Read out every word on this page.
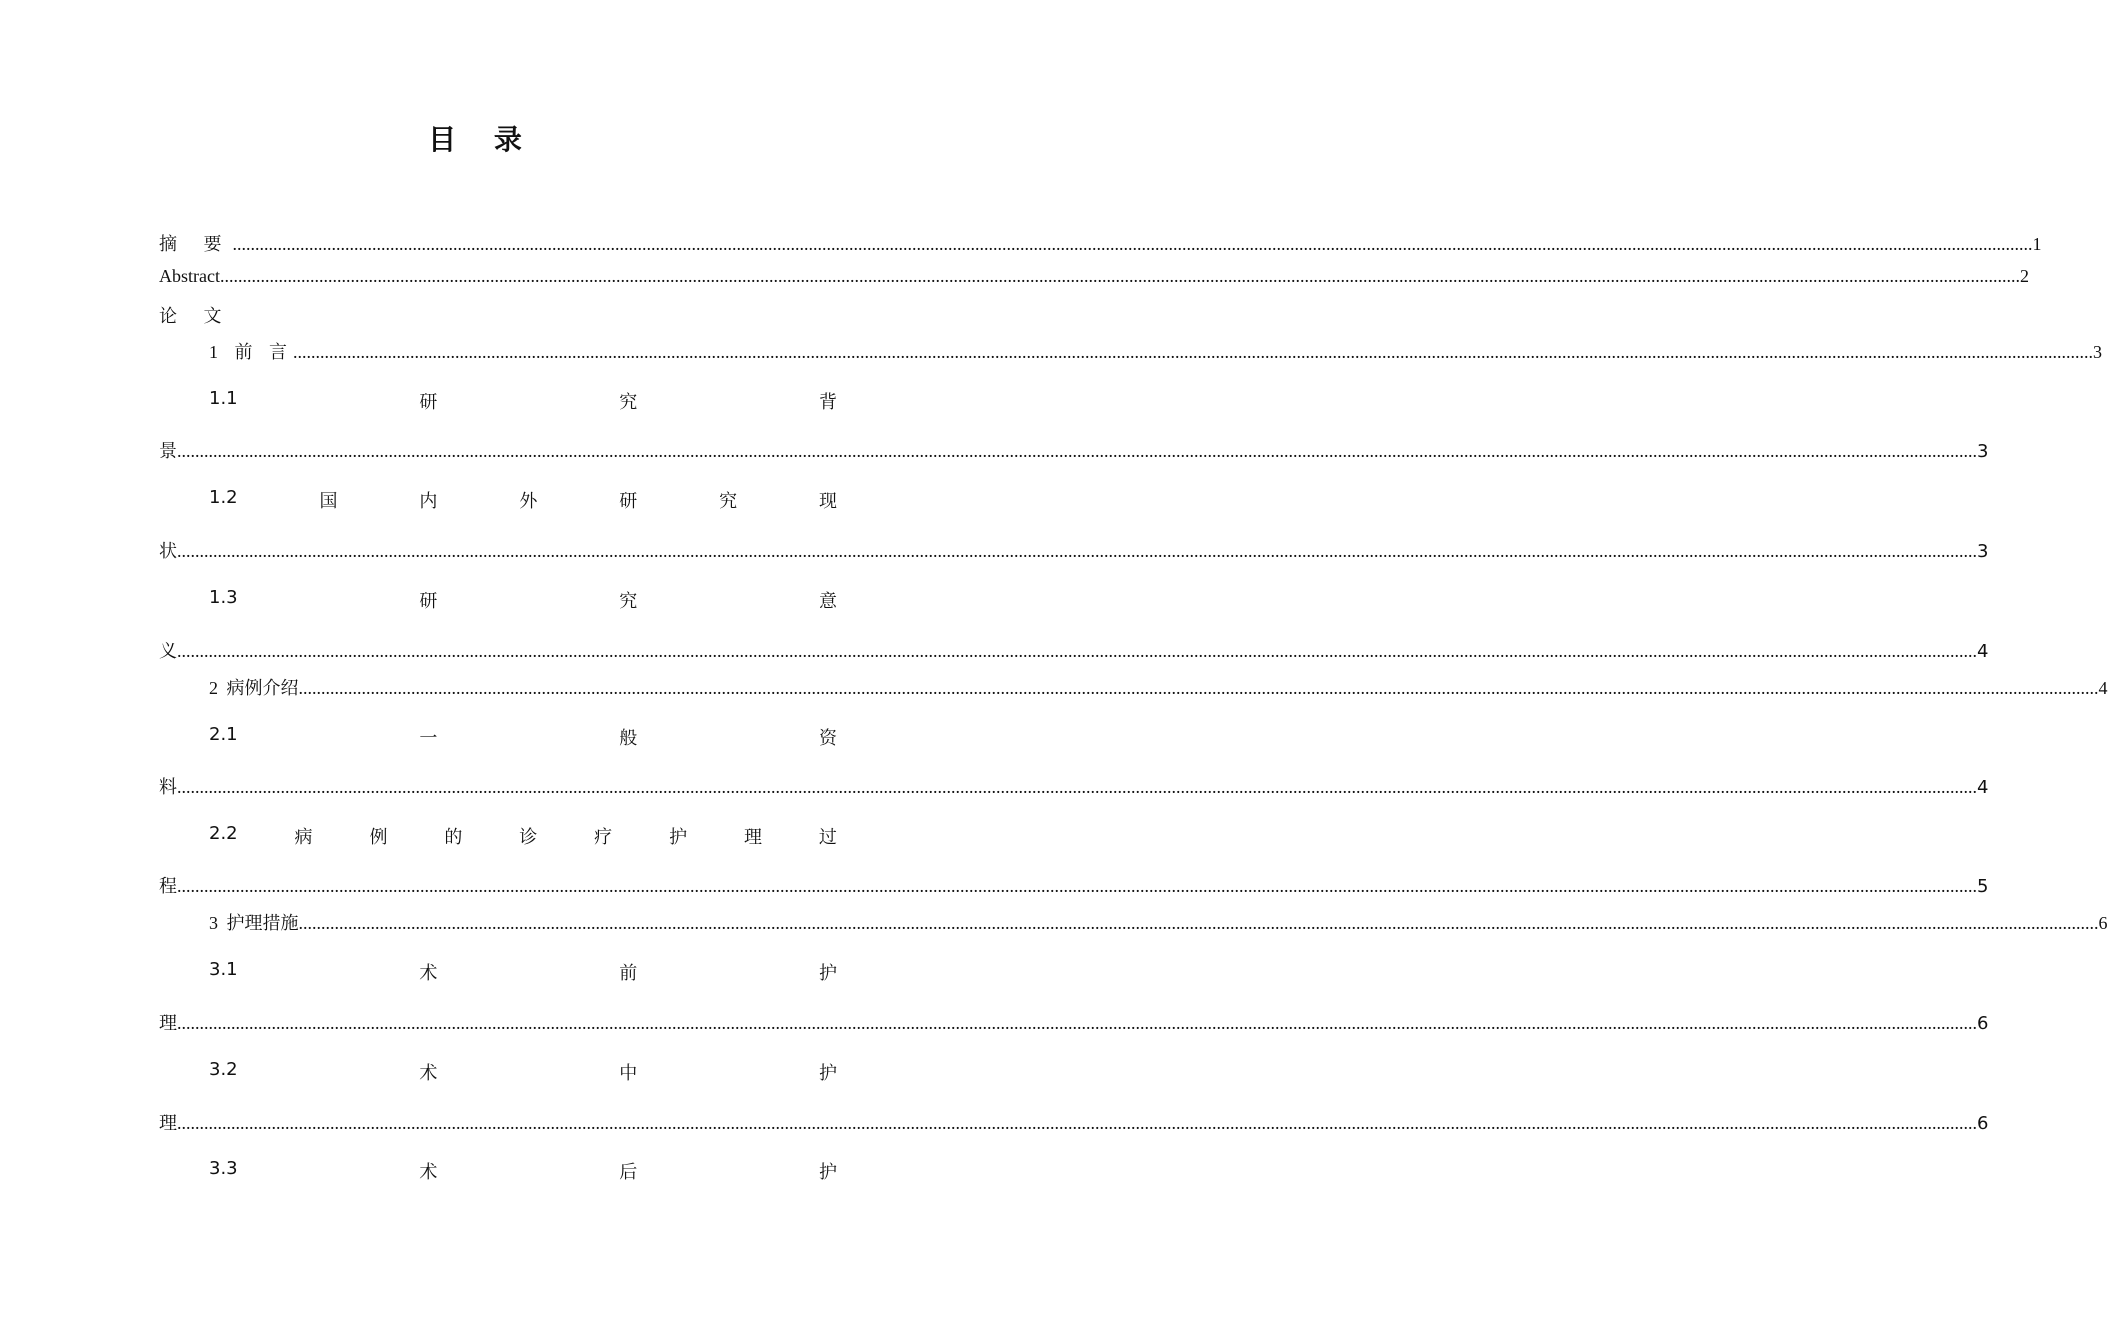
目 录
摘 要 ................................................................................................................................................................................................................................................................................................................................................................................................................ 1
Abstract ................................................................................................................................................................................................................................................................................................................................................................................................................ 2
论 文
1 前 言 ................................................................................................................................................................................................................................................................................................................................................................................................................ 3
1.1	研	究	背
景 ................................................................................................................................................................................................................................................................................................................................................................................................................ 3
1.2	国	内	外	研	究	现
状 ................................................................................................................................................................................................................................................................................................................................................................................................................ 3
1.3	研	究	意
义 ................................................................................................................................................................................................................................................................................................................................................................................................................ 4
2 病例介绍 ................................................................................................................................................................................................................................................................................................................................................................................................................ 4
2.1	一	般	资
料 ................................................................................................................................................................................................................................................................................................................................................................................................................ 4
2.2	病	例	的	诊	疗	护	理	过
程 ................................................................................................................................................................................................................................................................................................................................................................................................................ 5
3 护理措施 ................................................................................................................................................................................................................................................................................................................................................................................................................ 6
3.1	术	前	护
理 ................................................................................................................................................................................................................................................................................................................................................................................................................ 6
3.2	术	中	护
理 ................................................................................................................................................................................................................................................................................................................................................................................................................ 6
3.3	术	后	护
